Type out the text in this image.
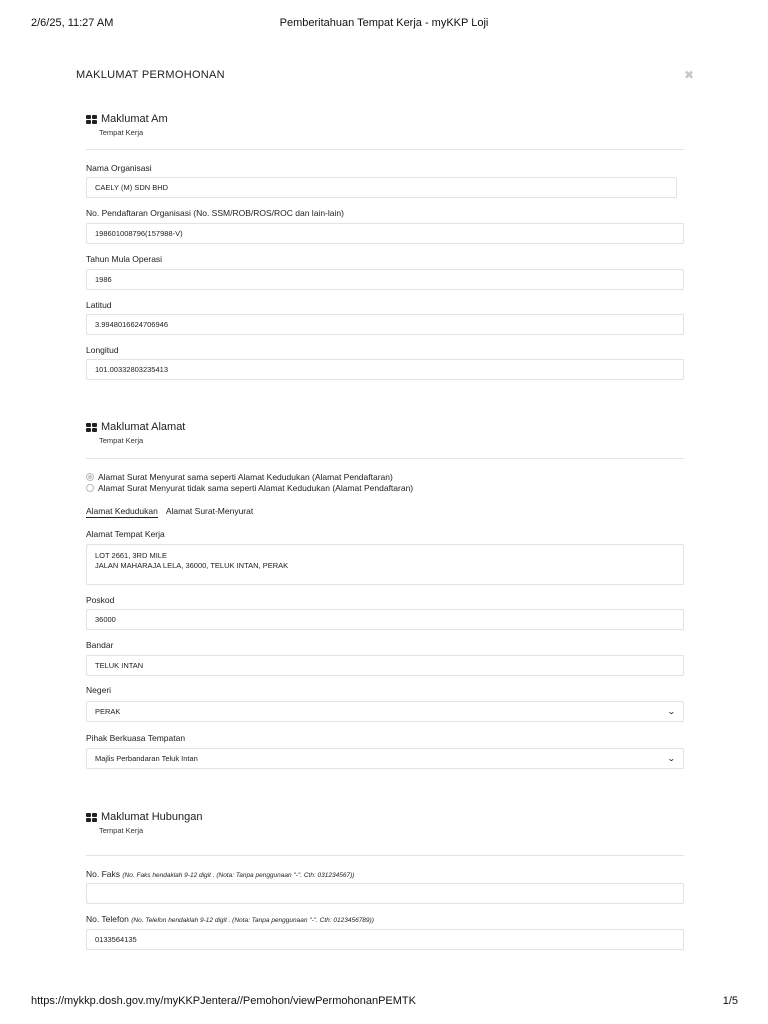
2/6/25, 11:27 AM	Pemberitahuan Tempat Kerja - myKKP Loji
MAKLUMAT PERMOHONAN	✖
Maklumat Am
Tempat Kerja
Nama Organisasi
CAELY (M) SDN BHD
No. Pendaftaran Organisasi (No. SSM/ROB/ROS/ROC dan lain-lain)
198601008796(157988-V)
Tahun Mula Operasi
1986
Latitud
3.9948016624706946
Longitud
101.00332803235413
Maklumat Alamat
Tempat Kerja
Alamat Surat Menyurat sama seperti Alamat Kedudukan (Alamat Pendaftaran)
Alamat Surat Menyurat tidak sama seperti Alamat Kedudukan (Alamat Pendaftaran)
Alamat Kedudukan Alamat Surat-Menyurat
Alamat Tempat Kerja
LOT 2661, 3RD MILE
JALAN MAHARAJA LELA, 36000, TELUK INTAN, PERAK
Poskod
36000
Bandar
TELUK INTAN
Negeri
PERAK	⌄
Pihak Berkuasa Tempatan
Majlis Perbandaran Teluk Intan	⌄
Maklumat Hubungan
Tempat Kerja
No. Faks (No. Faks hendaklah 9-12 digit . (Nota: Tanpa penggunaan "-". Cth: 031234567))
No. Telefon (No. Telefon hendaklah 9-12 digit . (Nota: Tanpa penggunaan "-". Cth: 0123456789))
0133564135
https://mykkp.dosh.gov.my/myKKPJentera//Pemohon/viewPermohonanPEMTK	1/5
